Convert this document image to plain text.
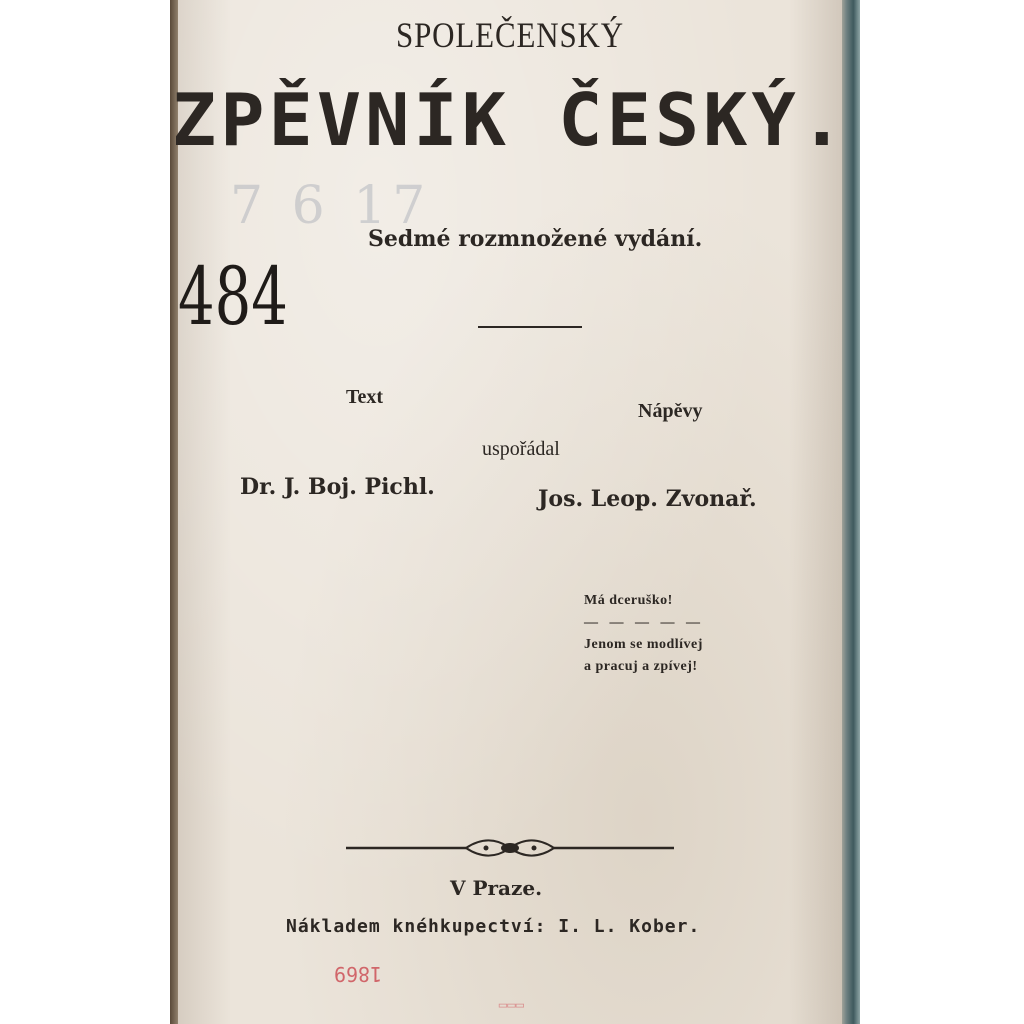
7 6 17
SPOLEČENSKÝ
ZPĚVNÍK ČESKÝ.
Sedmé rozmnožené vydání.
484
Text
Nápěvy
uspořádal
Dr. J. Boj. Pichl.	Jos. Leop. Zvonař.
Má dceruško!
— — — — —
Jenom se modlívej
a pracuj a zpívej!
V Praze.
Nákladem knéhkupectví: I. L. Kober.
1869
▭▭▭
